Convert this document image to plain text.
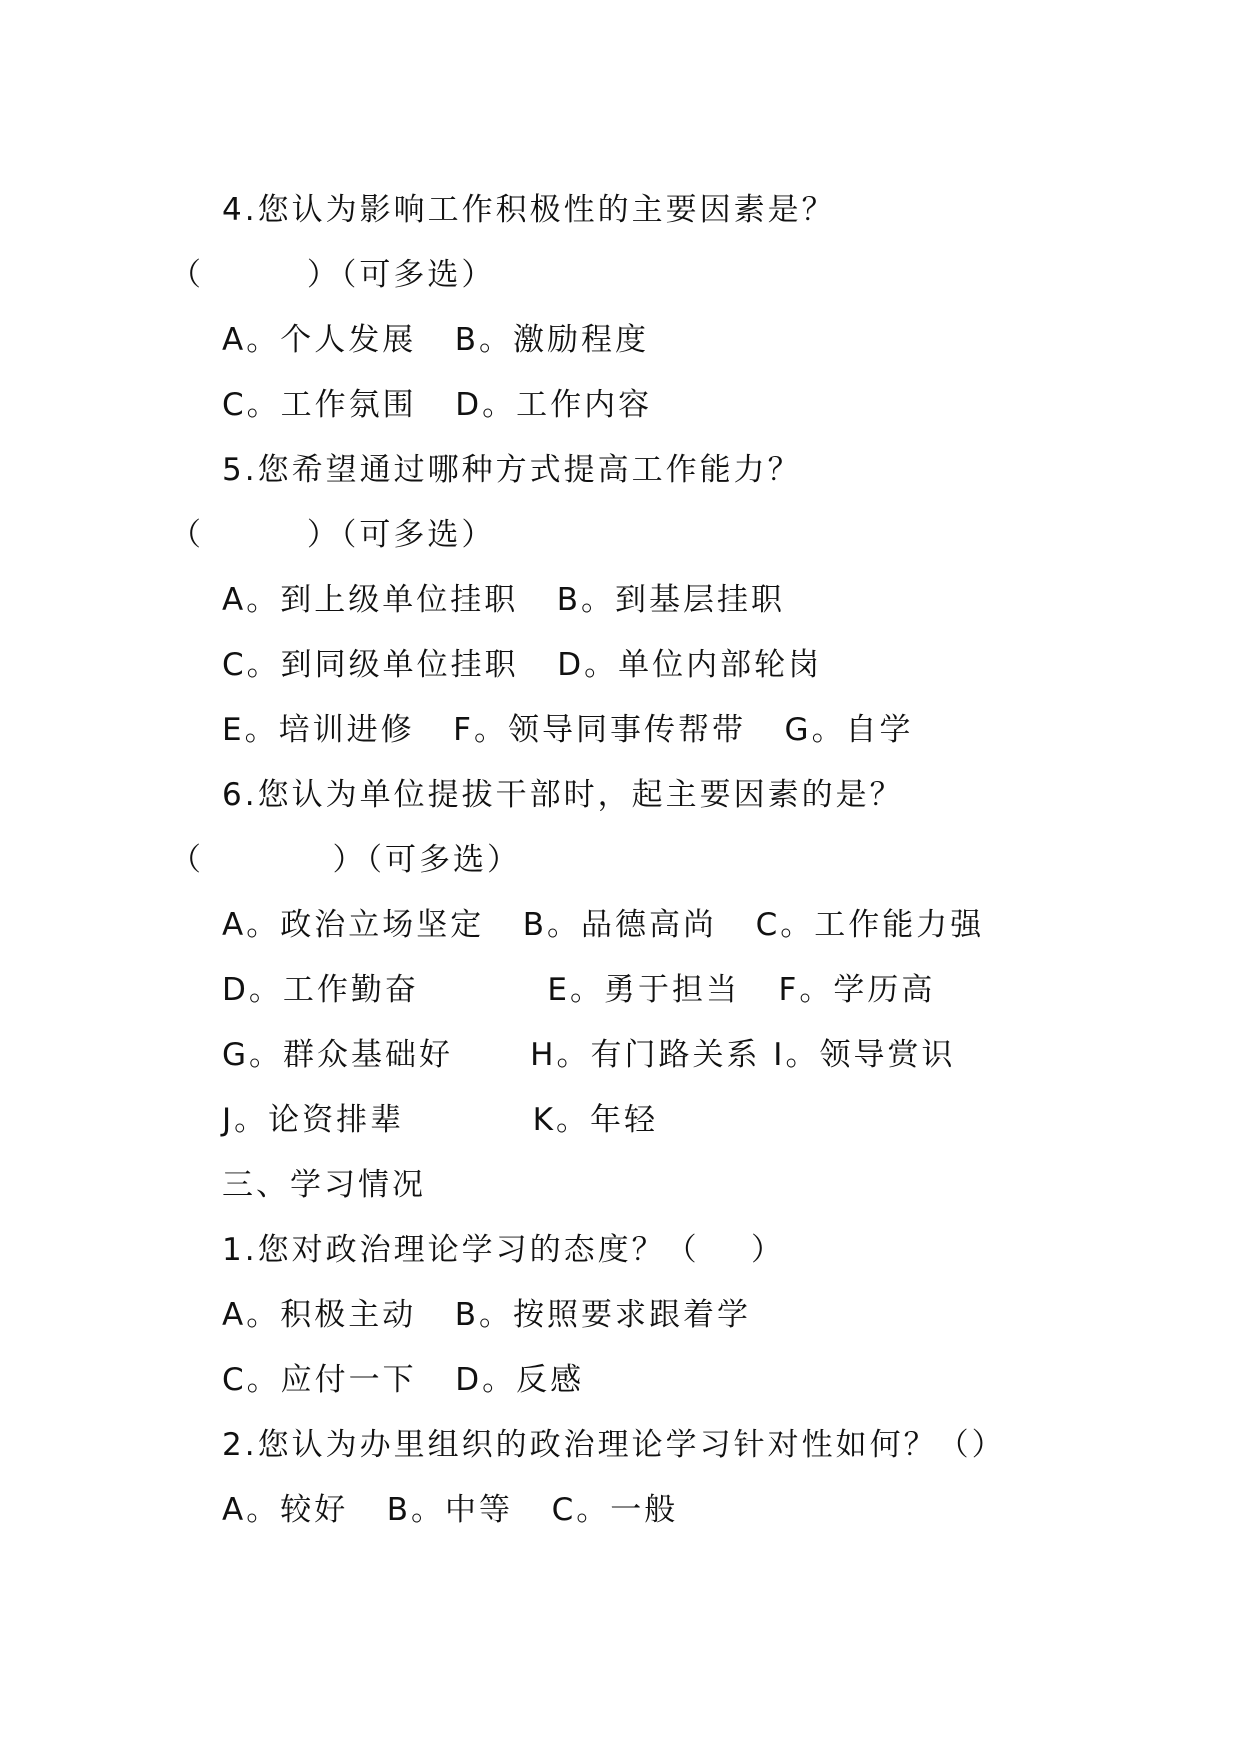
4.您认为影响工作积极性的主要因素是？
（        ）（可多选）
A。个人发展   B。激励程度
C。工作氛围   D。工作内容
5.您希望通过哪种方式提高工作能力？
（        ）（可多选）
A。到上级单位挂职   B。到基层挂职
C。到同级单位挂职   D。单位内部轮岗
E。培训进修   F。领导同事传帮带   G。自学
6.您认为单位提拔干部时，起主要因素的是？
（          ）（可多选）
A。政治立场坚定   B。品德高尚   C。工作能力强
D。工作勤奋          E。勇于担当   F。学历高
G。群众基础好      H。有门路关系 I。领导赏识
J。论资排辈          K。年轻
三、学习情况
1.您对政治理论学习的态度？（    ）
A。积极主动   B。按照要求跟着学
C。应付一下   D。反感
2.您认为办里组织的政治理论学习针对性如何？（）
A。较好   B。中等   C。一般
